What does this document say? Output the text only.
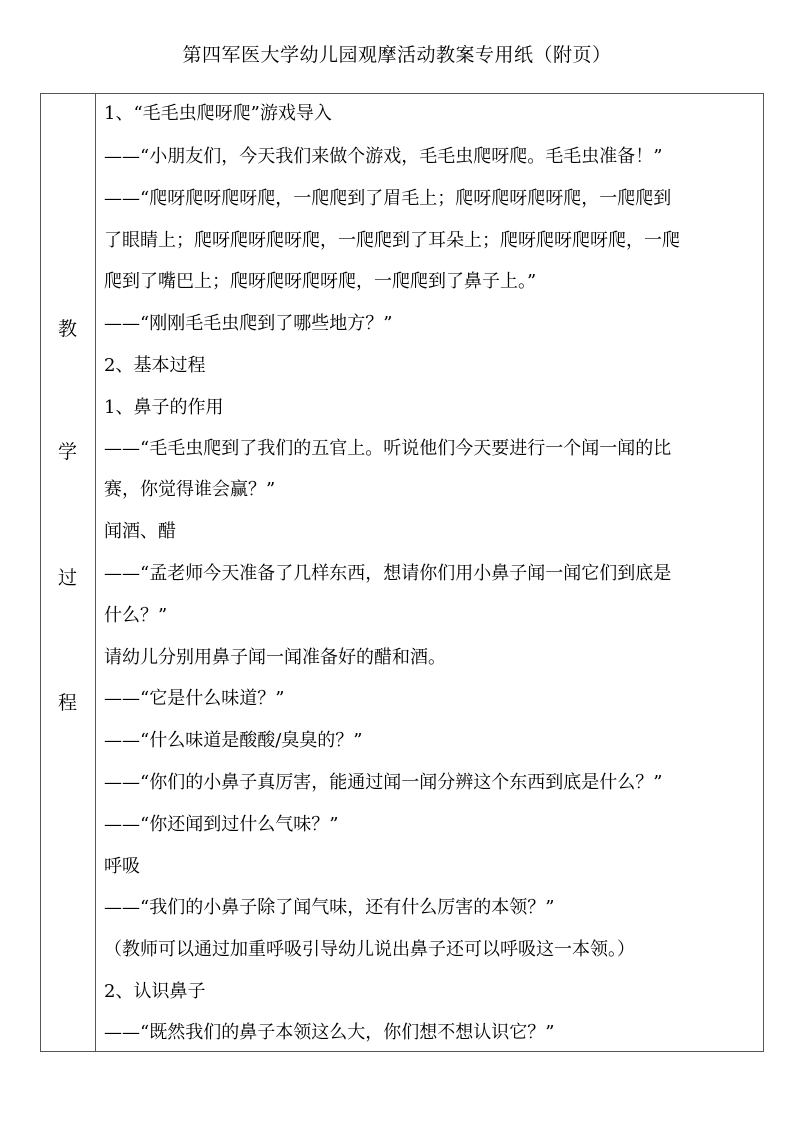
第四军医大学幼儿园观摩活动教案专用纸（附页）
教
学
过
程

1、“毛毛虫爬呀爬”游戏导入

——“小朋友们，今天我们来做个游戏，毛毛虫爬呀爬。毛毛虫准备！”

——“爬呀爬呀爬呀爬，一爬爬到了眉毛上；爬呀爬呀爬呀爬，一爬爬到

了眼睛上；爬呀爬呀爬呀爬，一爬爬到了耳朵上；爬呀爬呀爬呀爬，一爬

爬到了嘴巴上；爬呀爬呀爬呀爬，一爬爬到了鼻子上。”

——“刚刚毛毛虫爬到了哪些地方？”

2、基本过程

1、鼻子的作用

——“毛毛虫爬到了我们的五官上。听说他们今天要进行一个闻一闻的比

赛，你觉得谁会赢？”

闻酒、醋

——“孟老师今天准备了几样东西，想请你们用小鼻子闻一闻它们到底是

什么？”

请幼儿分别用鼻子闻一闻准备好的醋和酒。

——“它是什么味道？”

——“什么味道是酸酸/臭臭的？”

——“你们的小鼻子真厉害，能通过闻一闻分辨这个东西到底是什么？”

——“你还闻到过什么气味？”

呼吸

——“我们的小鼻子除了闻气味，还有什么厉害的本领？”

（教师可以通过加重呼吸引导幼儿说出鼻子还可以呼吸这一本领。）

2、认识鼻子

——“既然我们的鼻子本领这么大，你们想不想认识它？”
